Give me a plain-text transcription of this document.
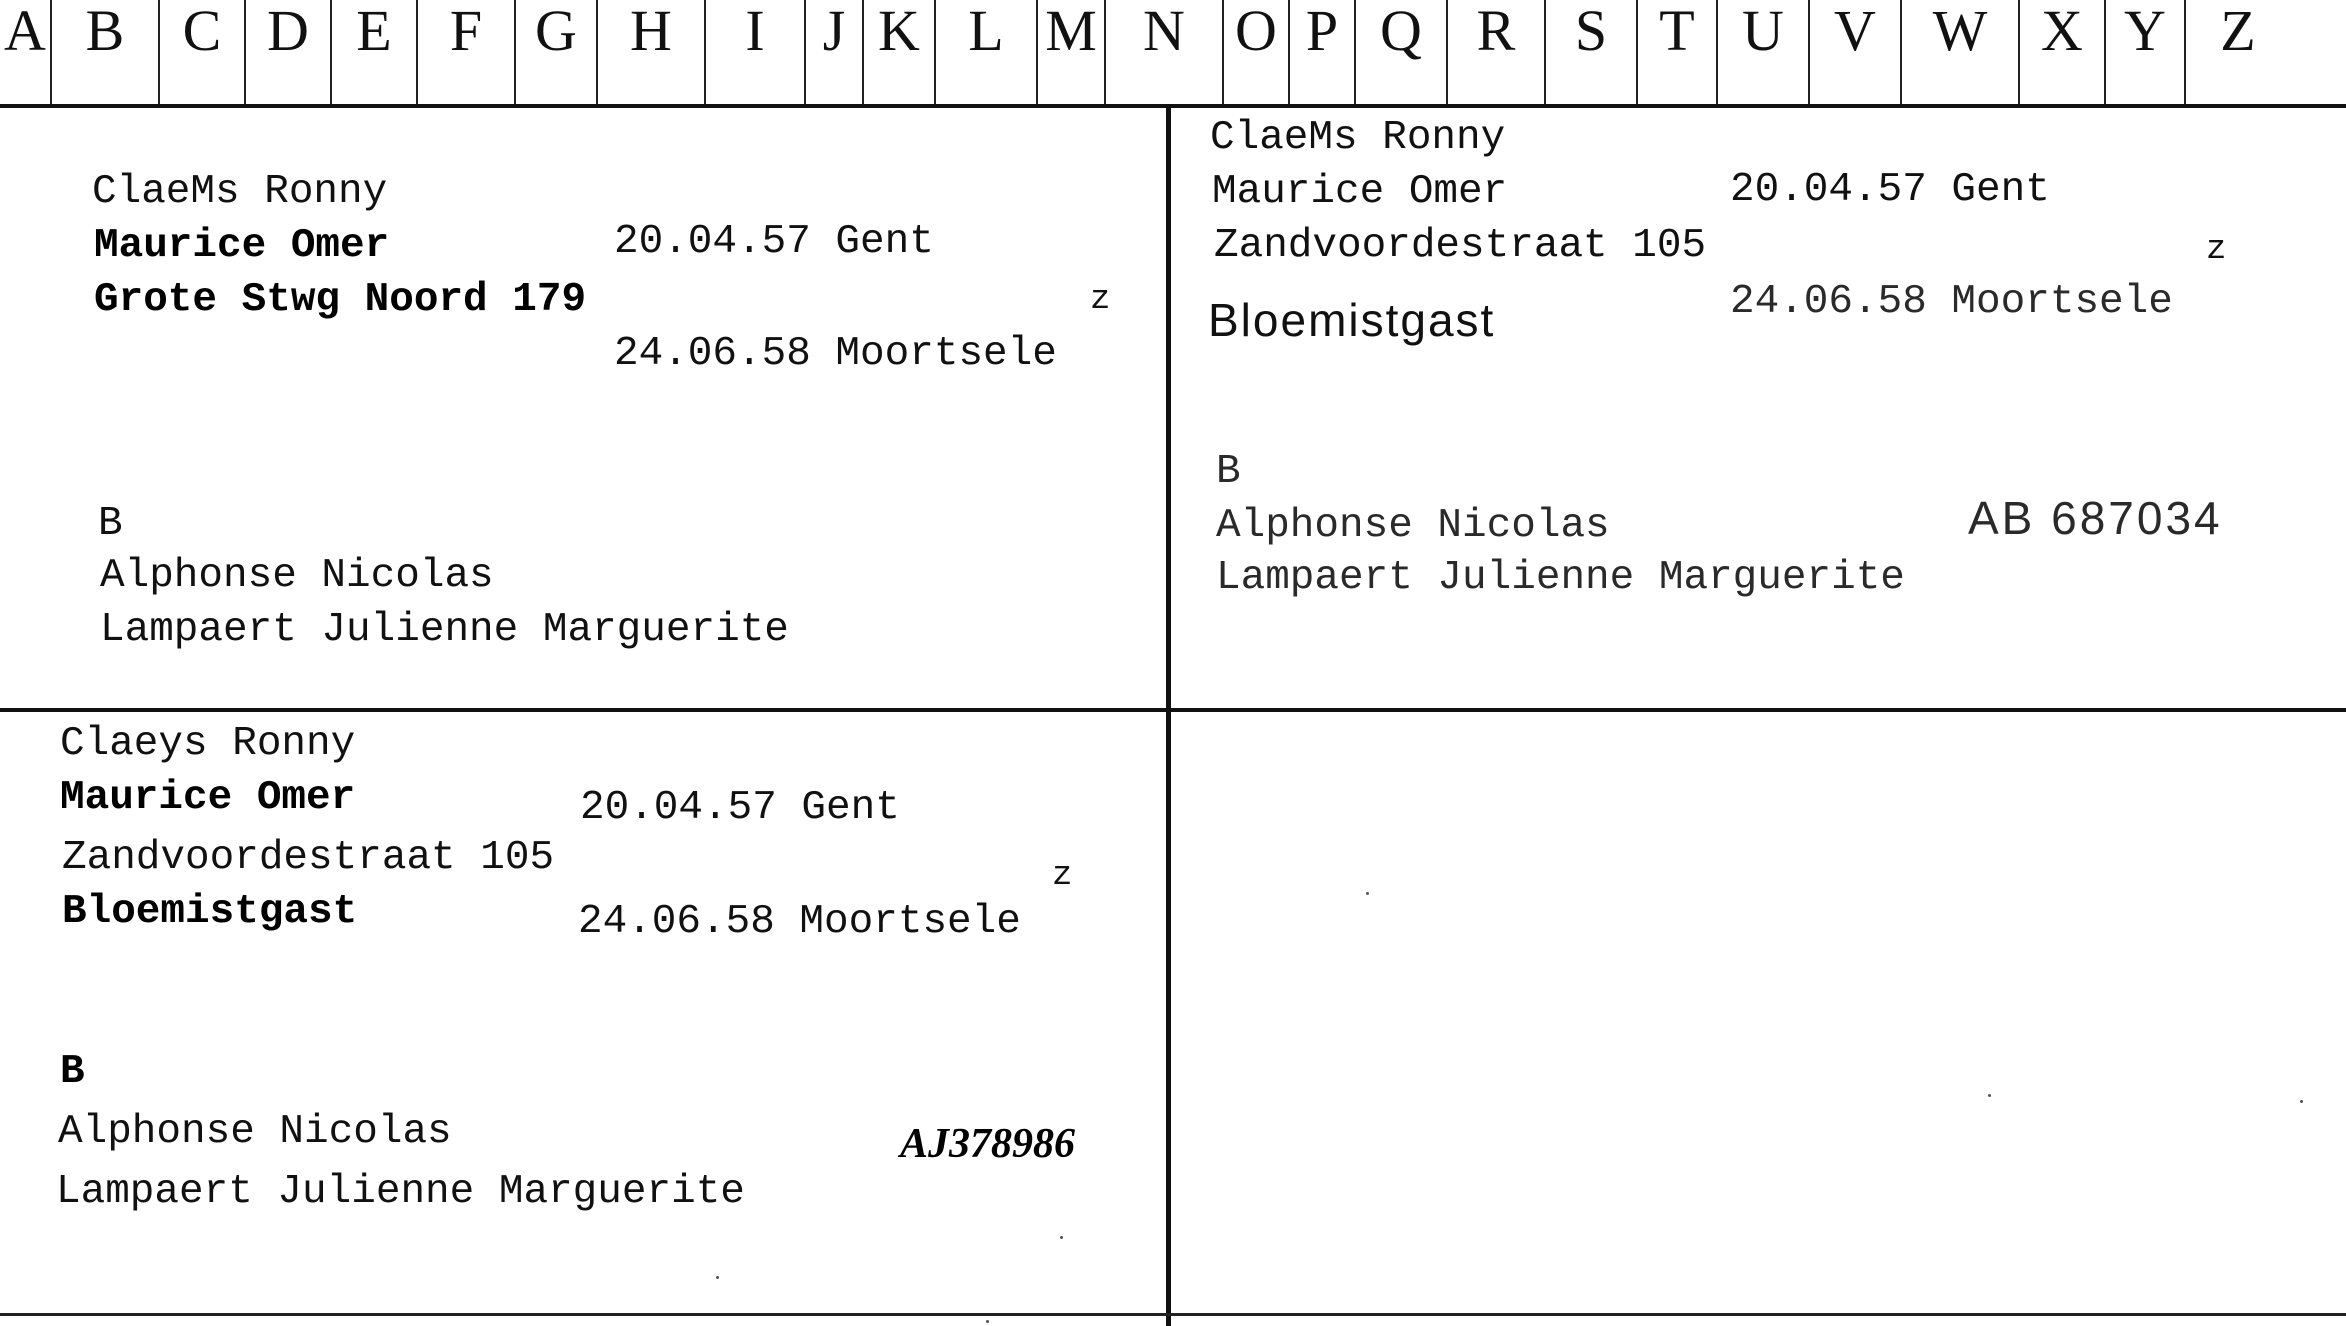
A B	C D E	F G H	I	J K L M N O P Q R	S T U V W X Y Z
ClaeMs Ronny
Maurice Omer	20.04.57 Gent
Grote Stwg Noord 179	z
24.06.58 Moortsele
B
Alphonse Nicolas
Lampaert Julienne Marguerite
ClaeMs Ronny
Maurice Omer	20.04.57 Gent
Zandvoordestraat 105	z
Bloemistgast	24.06.58 Moortsele
B
Alphonse Nicolas	AB 687034
Lampaert Julienne Marguerite
Claeys Ronny
Maurice Omer	20.04.57 Gent
Zandvoordestraat 105	z
Bloemistgast	24.06.58 Moortsele
B
Alphonse Nicolas	AJ378986
Lampaert Julienne Marguerite
